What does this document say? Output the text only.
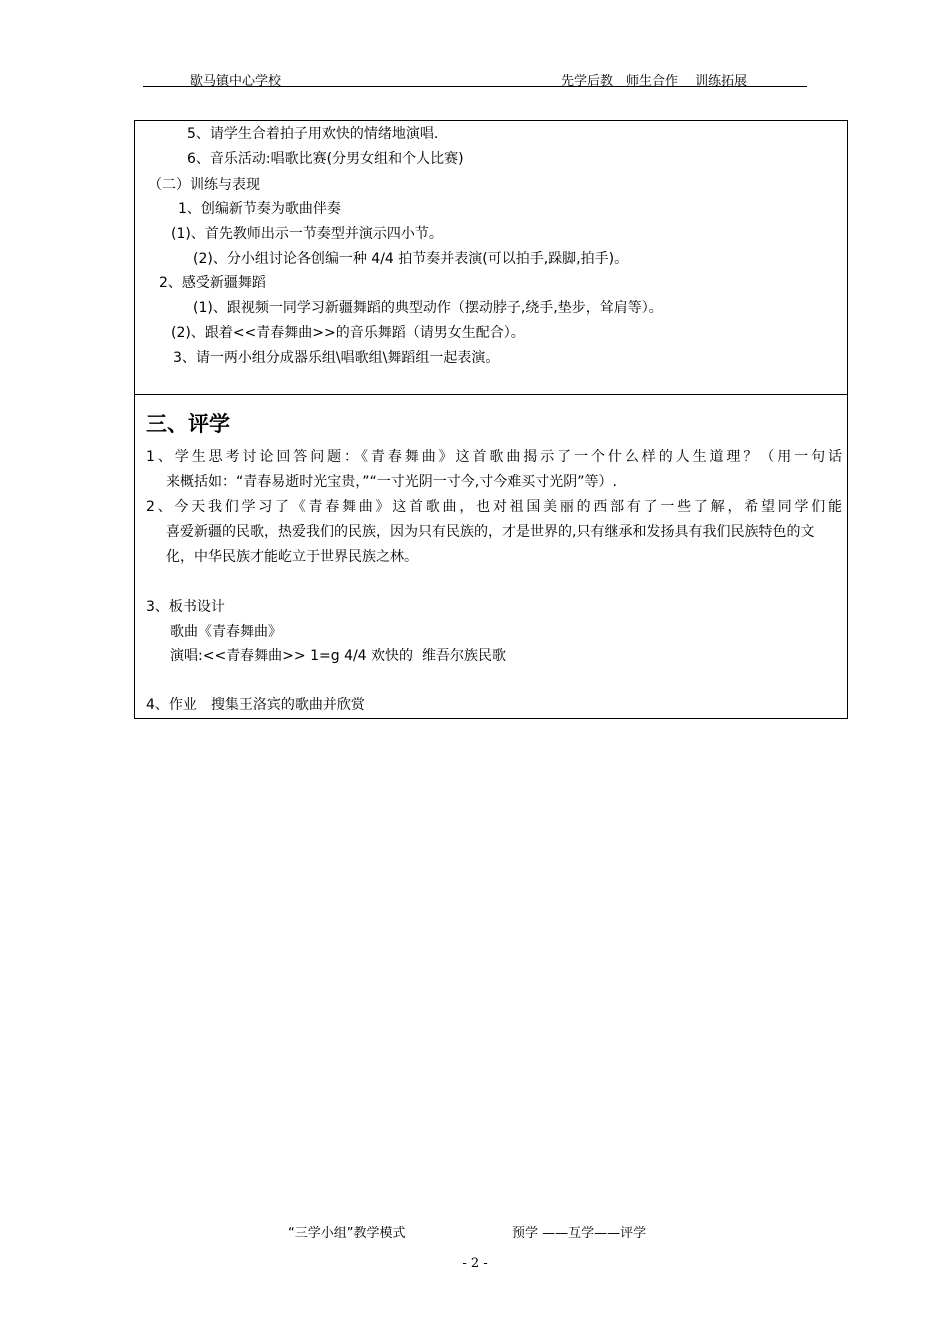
歇马镇中心学校	先学后教　师生合作　 训练拓展
5、请学生合着拍子用欢快的情绪地演唱.
6、音乐活动:唱歌比赛(分男女组和个人比赛)
（二）训练与表现
1、创编新节奏为歌曲伴奏
(1)、首先教师出示一节奏型并演示四小节。
(2)、分小组讨论各创编一种 4/4 拍节奏并表演(可以拍手,跺脚,拍手)。
2、感受新疆舞蹈
(1)、跟视频一同学习新疆舞蹈的典型动作（摆动脖子,绕手,垫步，耸肩等）。
(2)、跟着<<青春舞曲>>的音乐舞蹈（请男女生配合）。
3、请一两小组分成器乐组\唱歌组\舞蹈组一起表演。
三、评学
1、学生思考讨论回答问题：《青春舞曲》这首歌曲揭示了一个什么样的人生道理？（用一句话
来概括如：“青春易逝时光宝贵，”“一寸光阴一寸今,寸今难买寸光阴”等）.
2、今天我们学习了《青春舞曲》这首歌曲，也对祖国美丽的西部有了一些了解，希望同学们能
喜爱新疆的民歌，热爱我们的民族，因为只有民族的，才是世界的,只有继承和发扬具有我们民族特色的文化，中华民族才能屹立于世界民族之林。
3、板书设计
歌曲《青春舞曲》
演唱:<<青春舞曲>> 1=g 4/4 欢快的  维吾尔族民歌
4、作业　搜集王洛宾的歌曲并欣赏
“三学小组”教学模式	预学 ——互学——评学
- 2 -
